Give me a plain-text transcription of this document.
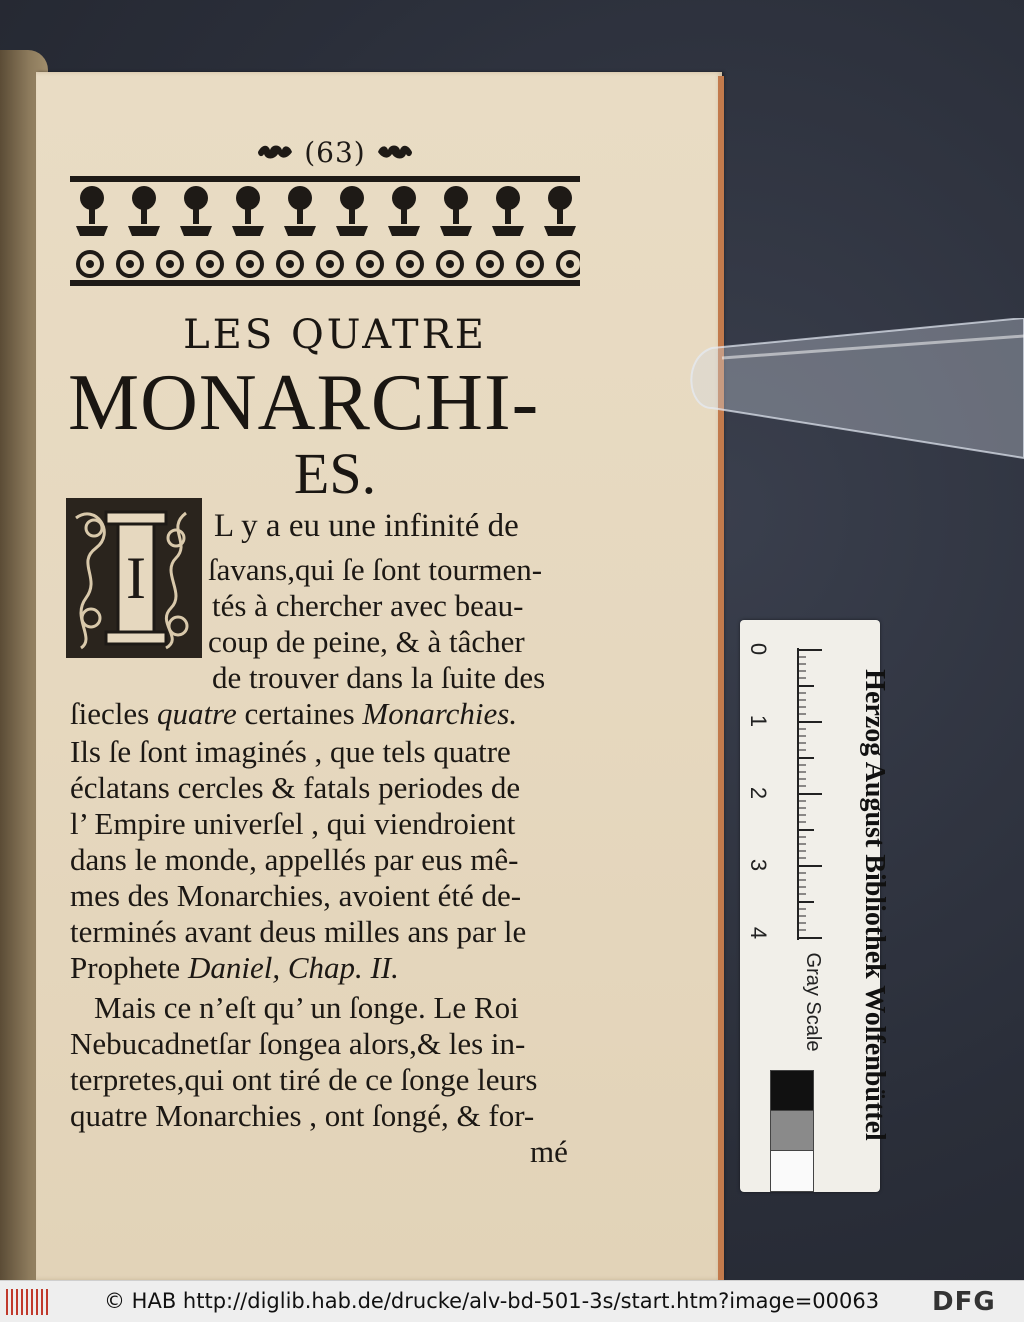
(63)
LES QUATRE
MONARCHI-
ES.
I
L y a eu une infinité de
ſavans,qui ſe ſont tourmen-
tés à chercher avec beau-
coup de peine, & à tâcher
de trouver dans la ſuite des
ſiecles quatre certaines Monarchies.
Ils ſe ſont imaginés , que tels quatre
éclatans cercles & fatals periodes de
l’ Empire univerſel , qui viendroient
dans le monde, appellés par eus mê-
mes des Monarchies, avoient été de-
terminés avant deus milles ans par le
Prophete Daniel, Chap. II.
Mais ce n’eſt qu’ un ſonge. Le Roi
Nebucadnetſar ſongea alors,& les in-
terpretes,qui ont tiré de ce ſonge leurs
quatre Monarchies , ont ſongé, & for-
mé
0
1
2
3
4	Herzog August Bibliothek Wolfenbüttel
Gray Scale
© HAB http://diglib.hab.de/drucke/alv-bd-501-3s/start.htm?image=00063 DFG
